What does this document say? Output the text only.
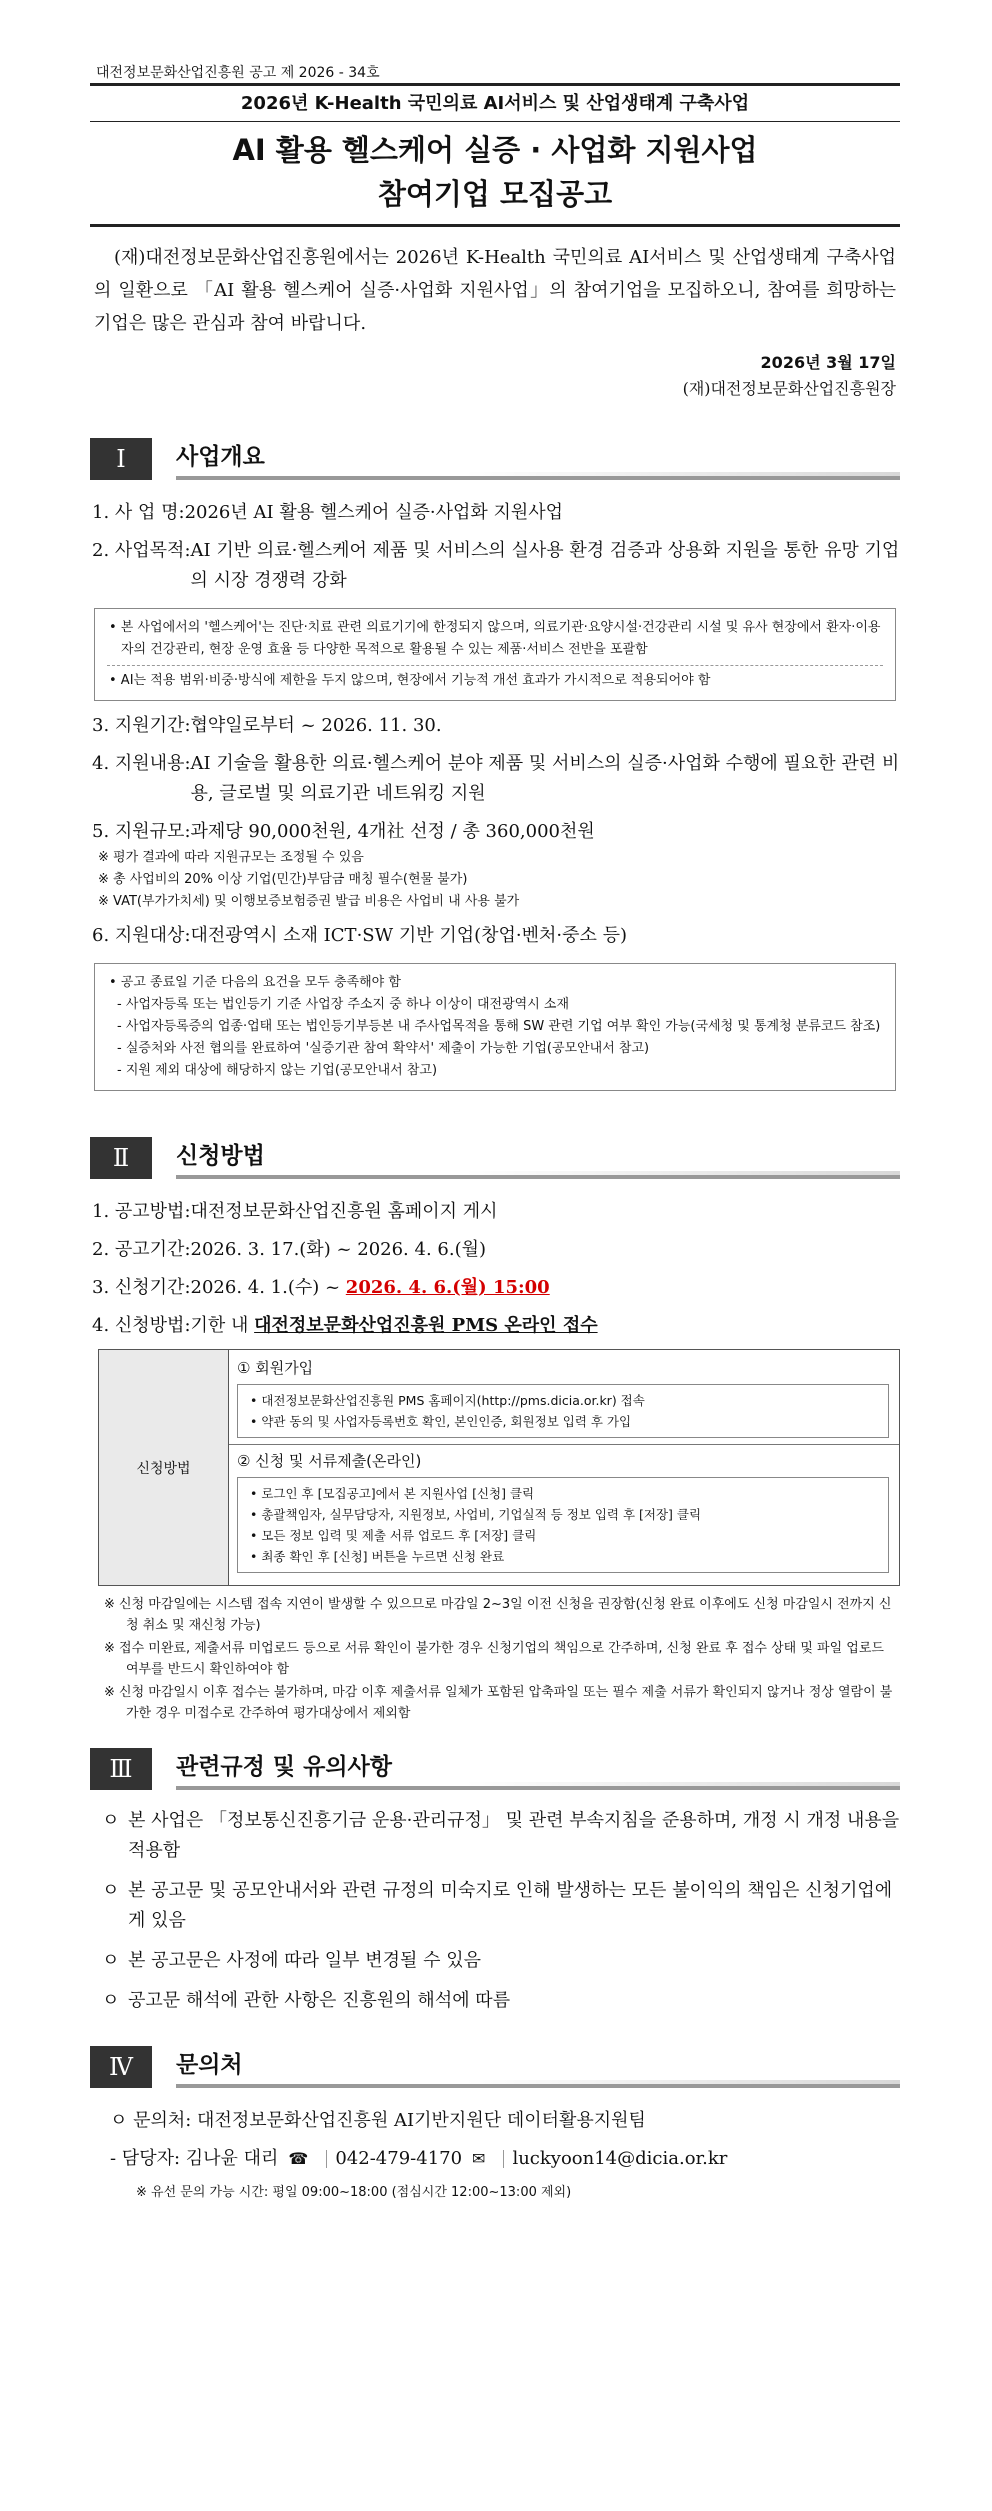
대전정보문화산업진흥원 공고 제 2026 - 34호
2026년 K-Health 국민의료 AI서비스 및 산업생태계 구축사업
AI 활용 헬스케어 실증 · 사업화 지원사업
참여기업 모집공고
(재)대전정보문화산업진흥원에서는 2026년 K-Health 국민의료 AI서비스 및 산업생태계 구축사업의 일환으로 「AI 활용 헬스케어 실증·사업화 지원사업」의 참여기업을 모집하오니, 참여를 희망하는 기업은 많은 관심과 참여 바랍니다.
2026년 3월 17일
(재)대전정보문화산업진흥원장
Ⅰ	사업개요
1. 사 업 명: 2026년 AI 활용 헬스케어 실증·사업화 지원사업
2. 사업목적: AI 기반 의료·헬스케어 제품 및 서비스의 실사용 환경 검증과 상용화 지원을 통한 유망 기업의 시장 경쟁력 강화
• 본 사업에서의 '헬스케어'는 진단·치료 관련 의료기기에 한정되지 않으며, 의료기관·요양시설·건강관리 시설 및 유사 현장에서 환자·이용자의 건강관리, 현장 운영 효율 등 다양한 목적으로 활용될 수 있는 제품·서비스 전반을 포괄함
• AI는 적용 범위·비중·방식에 제한을 두지 않으며, 현장에서 기능적 개선 효과가 가시적으로 적용되어야 함
3. 지원기간: 협약일로부터 ~ 2026. 11. 30.
4. 지원내용: AI 기술을 활용한 의료·헬스케어 분야 제품 및 서비스의 실증·사업화 수행에 필요한 관련 비용, 글로벌 및 의료기관 네트워킹 지원
5. 지원규모: 과제당 90,000천원, 4개社 선정 / 총 360,000천원
※ 평가 결과에 따라 지원규모는 조정될 수 있음
※ 총 사업비의 20% 이상 기업(민간)부담금 매칭 필수(현물 불가)
※ VAT(부가가치세) 및 이행보증보험증권 발급 비용은 사업비 내 사용 불가
6. 지원대상: 대전광역시 소재 ICT·SW 기반 기업(창업·벤처·중소 등)
• 공고 종료일 기준 다음의 요건을 모두 충족해야 함
- 사업자등록 또는 법인등기 기준 사업장 주소지 중 하나 이상이 대전광역시 소재
- 사업자등록증의 업종·업태 또는 법인등기부등본 내 주사업목적을 통해 SW 관련 기업 여부 확인 가능(국세청 및 통계청 분류코드 참조)
- 실증처와 사전 협의를 완료하여 '실증기관 참여 확약서' 제출이 가능한 기업(공모안내서 참고)
- 지원 제외 대상에 해당하지 않는 기업(공모안내서 참고)
Ⅱ	신청방법
1. 공고방법: 대전정보문화산업진흥원 홈페이지 게시
2. 공고기간: 2026. 3. 17.(화) ~ 2026. 4. 6.(월)
3. 신청기간: 2026. 4. 1.(수) ~ 2026. 4. 6.(월) 15:00
4. 신청방법: 기한 내 대전정보문화산업진흥원 PMS 온라인 접수
신청방법
① 회원가입
• 대전정보문화산업진흥원 PMS 홈페이지(http://pms.dicia.or.kr) 접속
• 약관 동의 및 사업자등록번호 확인, 본인인증, 회원정보 입력 후 가입
② 신청 및 서류제출(온라인)
• 로그인 후 [모집공고]에서 본 지원사업 [신청] 클릭
• 총괄책임자, 실무담당자, 지원정보, 사업비, 기업실적 등 정보 입력 후 [저장] 클릭
• 모든 정보 입력 및 제출 서류 업로드 후 [저장] 클릭
• 최종 확인 후 [신청] 버튼을 누르면 신청 완료
※ 신청 마감일에는 시스템 접속 지연이 발생할 수 있으므로 마감일 2~3일 이전 신청을 권장함(신청 완료 이후에도 신청 마감일시 전까지 신청 취소 및 재신청 가능)
※ 접수 미완료, 제출서류 미업로드 등으로 서류 확인이 불가한 경우 신청기업의 책임으로 간주하며, 신청 완료 후 접수 상태 및 파일 업로드 여부를 반드시 확인하여야 함
※ 신청 마감일시 이후 접수는 불가하며, 마감 이후 제출서류 일체가 포함된 압축파일 또는 필수 제출 서류가 확인되지 않거나 정상 열람이 불가한 경우 미접수로 간주하여 평가대상에서 제외함
Ⅲ	관련규정 및 유의사항
ㅇ 본 사업은 「정보통신진흥기금 운용·관리규정」 및 관련 부속지침을 준용하며, 개정 시 개정 내용을 적용함
ㅇ 본 공고문 및 공모안내서와 관련 규정의 미숙지로 인해 발생하는 모든 불이익의 책임은 신청기업에게 있음
ㅇ 본 공고문은 사정에 따라 일부 변경될 수 있음
ㅇ 공고문 해석에 관한 사항은 진흥원의 해석에 따름
Ⅳ	문의처
ㅇ 문의처: 대전정보문화산업진흥원 AI기반지원단 데이터활용지원팀
- 담당자: 김나윤 대리 ☎ 042-479-4170 ✉ luckyoon14@dicia.or.kr
※ 유선 문의 가능 시간: 평일 09:00~18:00 (점심시간 12:00~13:00 제외)
